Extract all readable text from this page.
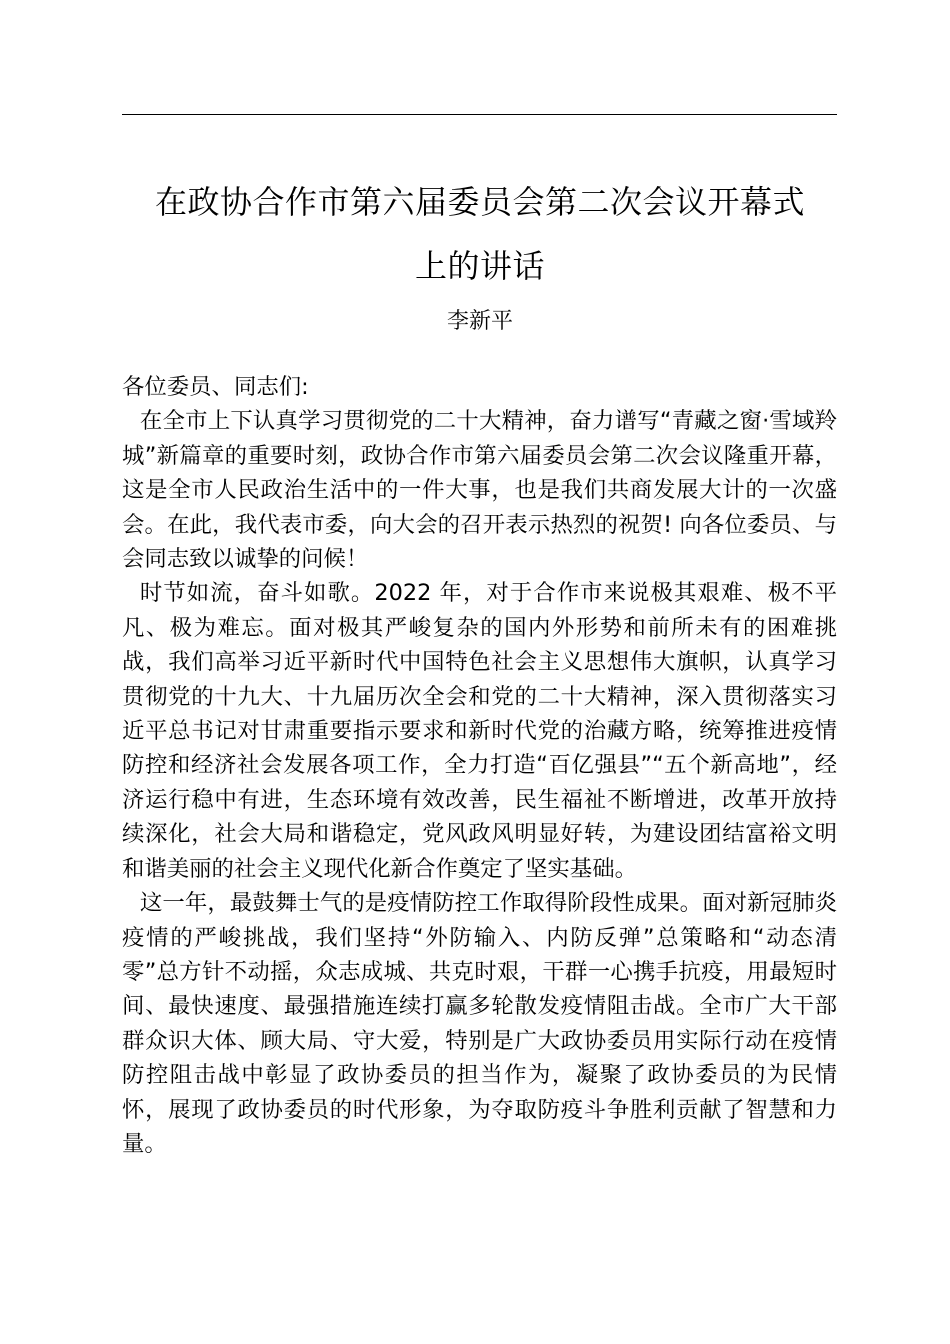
在政协合作市第六届委员会第二次会议开幕式
上的讲话
李新平

各位委员、同志们:

在全市上下认真学习贯彻党的二十大精神，奋力谱写“青藏之窗·雪域羚城”新篇章的重要时刻，政协合作市第六届委员会第二次会议隆重开幕，这是全市人民政治生活中的一件大事，也是我们共商发展大计的一次盛会。在此，我代表市委，向大会的召开表示热烈的祝贺! 向各位委员、与会同志致以诚挚的问候！

时节如流，奋斗如歌。2022 年，对于合作市来说极其艰难、极不平凡、极为难忘。面对极其严峻复杂的国内外形势和前所未有的困难挑战，我们高举习近平新时代中国特色社会主义思想伟大旗帜，认真学习贯彻党的十九大、十九届历次全会和党的二十大精神，深入贯彻落实习近平总书记对甘肃重要指示要求和新时代党的治藏方略，统筹推进疫情防控和经济社会发展各项工作，全力打造“百亿强县”“五个新高地”，经济运行稳中有进，生态环境有效改善，民生福祉不断增进，改革开放持续深化，社会大局和谐稳定，党风政风明显好转，为建设团结富裕文明和谐美丽的社会主义现代化新合作奠定了坚实基础。

这一年，最鼓舞士气的是疫情防控工作取得阶段性成果。面对新冠肺炎疫情的严峻挑战，我们坚持“外防输入、内防反弹”总策略和“动态清零”总方针不动摇，众志成城、共克时艰，干群一心携手抗疫，用最短时间、最快速度、最强措施连续打赢多轮散发疫情阻击战。全市广大干部群众识大体、顾大局、守大爱，特别是广大政协委员用实际行动在疫情防控阻击战中彰显了政协委员的担当作为，凝聚了政协委员的为民情怀，展现了政协委员的时代形象，为夺取防疫斗争胜利贡献了智慧和力量。
